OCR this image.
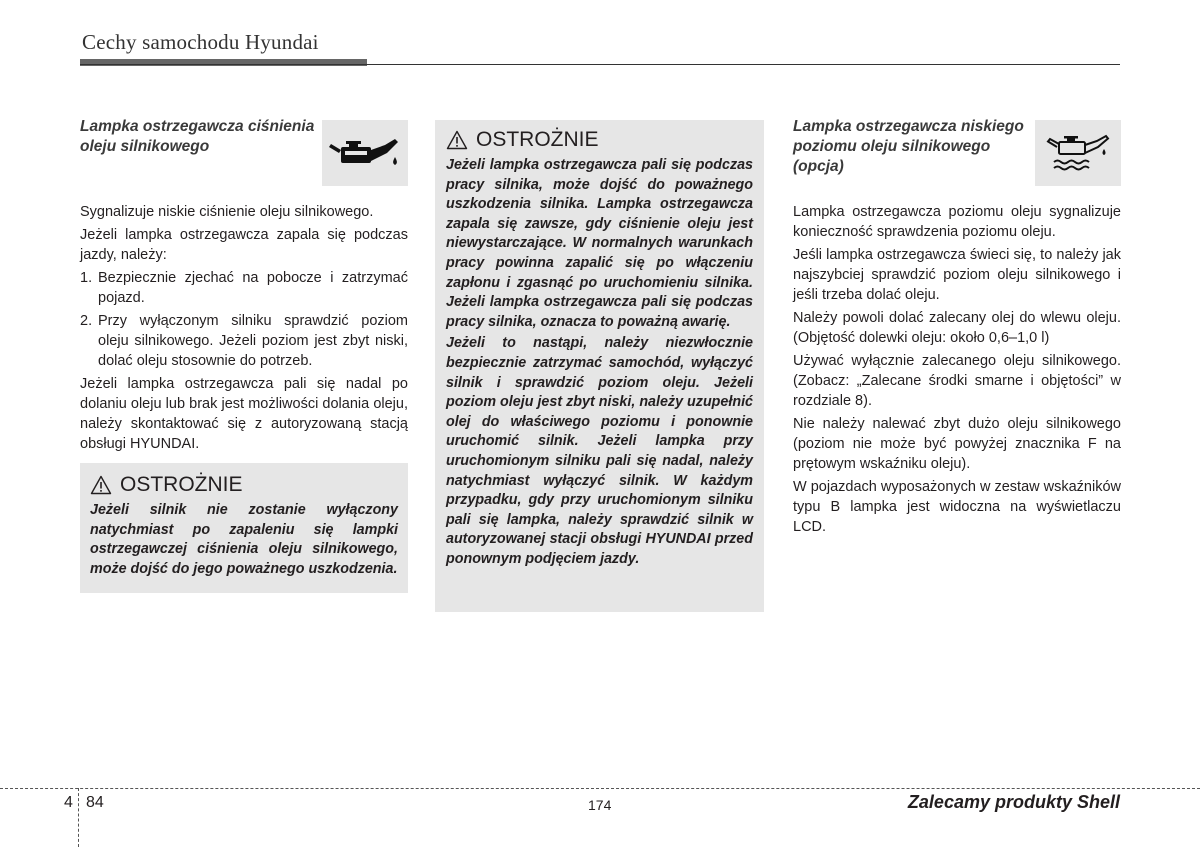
Cechy samochodu Hyundai
Lampka ostrzegawcza ciśnienia oleju silnikowego

Sygnalizuje niskie ciśnienie oleju silnikowego.

Jeżeli lampka ostrzegawcza zapala się podczas jazdy, należy:

1. Bezpiecznie zjechać na pobocze i zatrzymać pojazd.
2. Przy wyłączonym silniku sprawdzić poziom oleju silnikowego. Jeżeli poziom jest zbyt niski, dolać oleju stosownie do potrzeb.

Jeżeli lampka ostrzegawcza pali się nadal po dolaniu oleju lub brak jest możliwości dolania oleju, należy skontaktować się z autoryzowaną stacją obsługi HYUNDAI.

OSTROŻNIE

Jeżeli silnik nie zostanie wyłączony natychmiast po zapaleniu się lampki ostrzegawczej ciśnienia oleju silnikowego, może dojść do jego poważnego uszkodzenia.

OSTROŻNIE

Jeżeli lampka ostrzegawcza pali się podczas pracy silnika, może dojść do poważnego uszkodzenia silnika. Lampka ostrzegawcza zapala się zawsze, gdy ciśnienie oleju jest niewystarczające. W normalnych warunkach pracy powinna zapalić się po włączeniu zapłonu i zgasnąć po uruchomieniu silnika. Jeżeli lampka ostrzegawcza pali się podczas pracy silnika, oznacza to poważną awarię.

Jeżeli to nastąpi, należy niezwłocznie bezpiecznie zatrzymać samochód, wyłączyć silnik i sprawdzić poziom oleju. Jeżeli poziom oleju jest zbyt niski, należy uzupełnić olej do właściwego poziomu i ponownie uruchomić silnik. Jeżeli lampka przy uruchomionym silniku pali się nadal, należy natychmiast wyłączyć silnik. W każdym przypadku, gdy przy uruchomionym silniku pali się lampka, należy sprawdzić silnik w autoryzowanej stacji obsługi HYUNDAI przed ponownym podjęciem jazdy.

Lampka ostrzegawcza niskiego poziomu oleju silnikowego (opcja)

Lampka ostrzegawcza poziomu oleju sygnalizuje konieczność sprawdzenia poziomu oleju.

Jeśli lampka ostrzegawcza świeci się, to należy jak najszybciej sprawdzić poziom oleju silnikowego i jeśli trzeba dolać oleju.

Należy powoli dolać zalecany olej do wlewu oleju. (Objętość dolewki oleju: około 0,6–1,0 l)

Używać wyłącznie zalecanego oleju silnikowego. (Zobacz: „Zalecane środki smarne i objętości” w rozdziale 8).

Nie należy nalewać zbyt dużo oleju silnikowego (poziom nie może być powyżej znacznika F na prętowym wskaźniku oleju).

W pojazdach wyposażonych w zestaw wskaźników typu B lampka jest widoczna na wyświetlaczu LCD.

4 84	174	Zalecamy produkty Shell
